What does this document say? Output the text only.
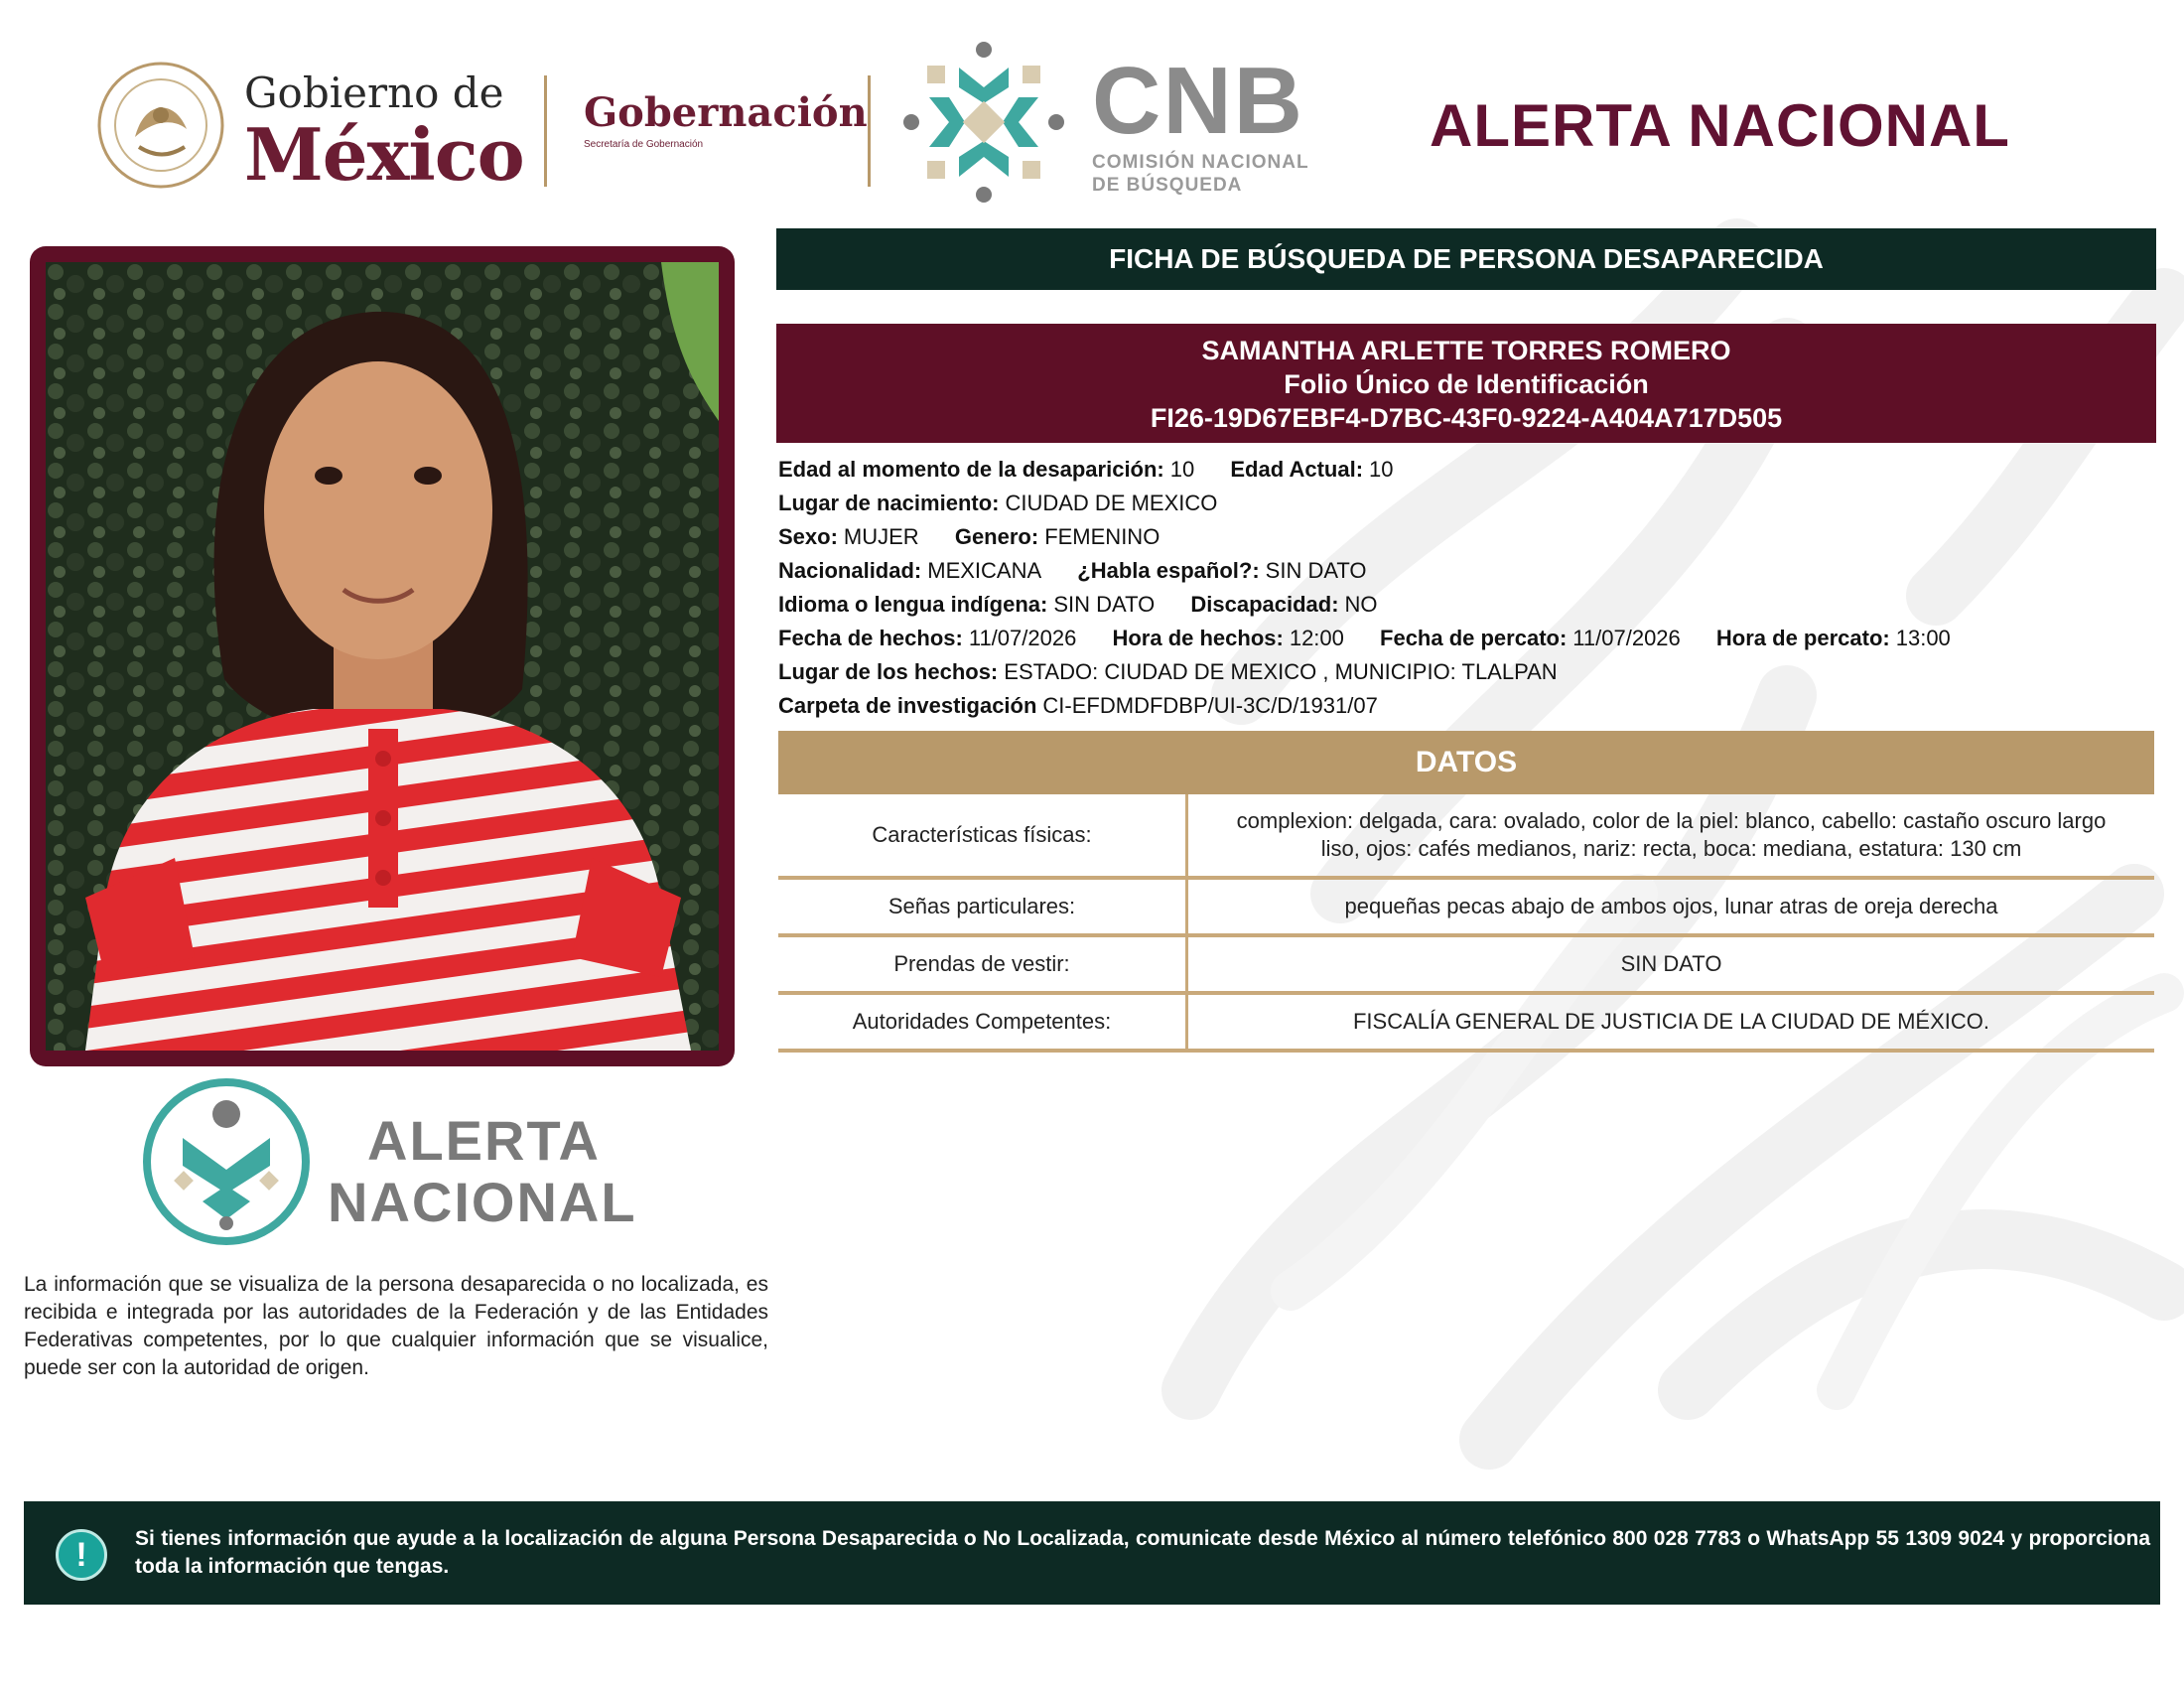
Gobierno de
México	Gobernación
Secretaría de Gobernación	CNB
COMISIÓN NACIONAL
DE BÚSQUEDA
ALERTA NACIONAL
FICHA DE BÚSQUEDA DE PERSONA DESAPARECIDA
SAMANTHA ARLETTE TORRES ROMERO
Folio Único de Identificación
FI26-19D67EBF4-D7BC-43F0-9224-A404A717D505
Edad al momento de la desaparición: 10 Edad Actual: 10
Lugar de nacimiento: CIUDAD DE MEXICO
Sexo: MUJER Genero: FEMENINO
Nacionalidad: MEXICANA ¿Habla español?: SIN DATO
Idioma o lengua indígena: SIN DATO Discapacidad: NO
Fecha de hechos: 11/07/2026 Hora de hechos: 12:00 Fecha de percato: 11/07/2026 Hora de percato: 13:00
Lugar de los hechos: ESTADO: CIUDAD DE MEXICO , MUNICIPIO: TLALPAN
Carpeta de investigación CI-EFDMDFDBP/UI-3C/D/1931/07
DATOS
Características físicas:
complexion: delgada, cara: ovalado, color de la piel: blanco, cabello: castaño oscuro largo liso, ojos: cafés medianos, nariz: recta, boca: mediana, estatura: 130 cm
Señas particulares:	pequeñas pecas abajo de ambos ojos, lunar atras de oreja derecha
Prendas de vestir:	SIN DATO
Autoridades Competentes:	FISCALÍA GENERAL DE JUSTICIA DE LA CIUDAD DE MÉXICO.
ALERTA
NACIONAL
La información que se visualiza de la persona desaparecida o no localizada, es recibida e integrada por las autoridades de la Federación y de las Entidades Federativas competentes, por lo que cualquier información que se visualice, puede ser con la autoridad de origen.
!	Si tienes información que ayude a la localización de alguna Persona Desaparecida o No Localizada, comunicate desde México al número telefónico 800 028 7783 o WhatsApp 55 1309 9024 y proporciona toda la información que tengas.
